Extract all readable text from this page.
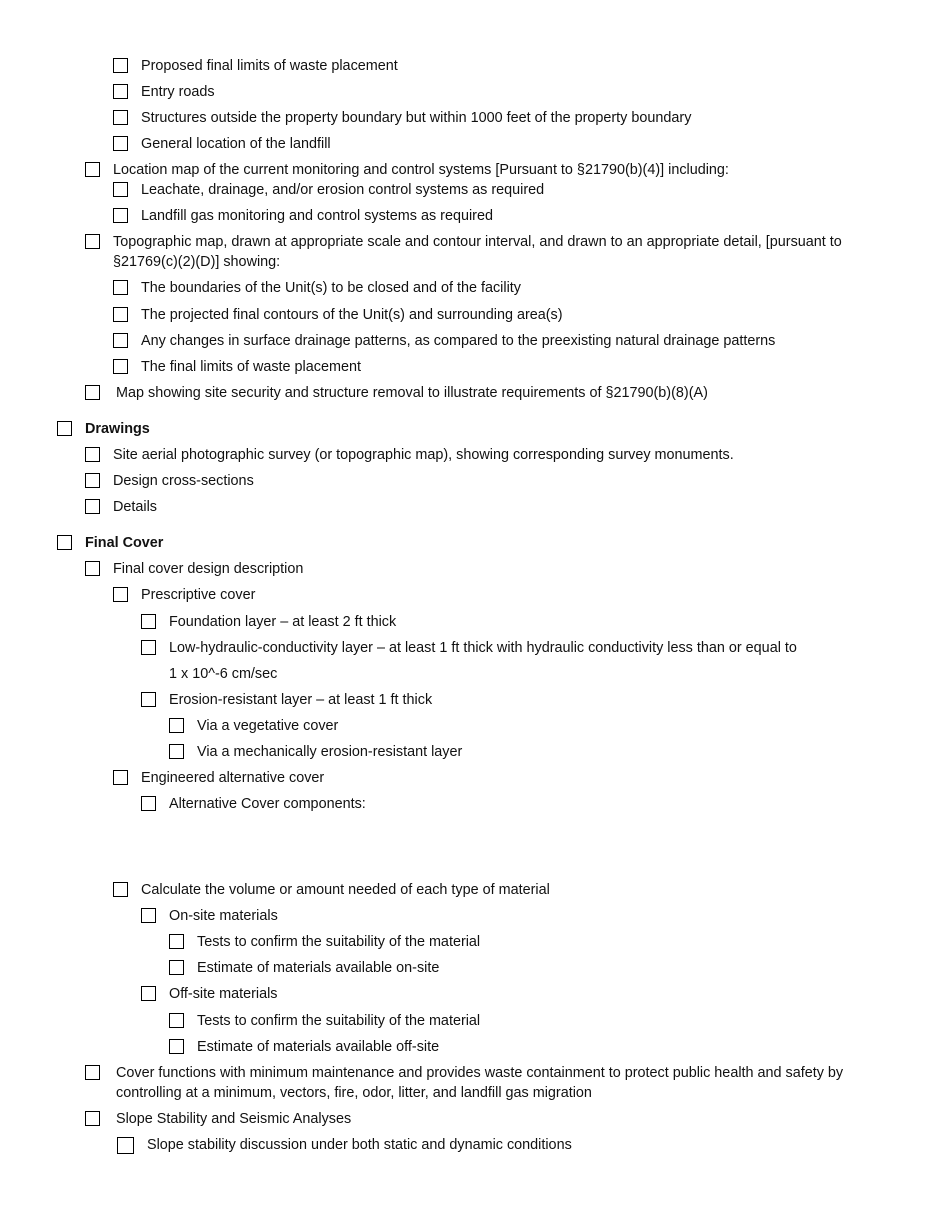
Proposed final limits of waste placement
Entry roads
Structures outside the property boundary but within 1000 feet of the property boundary
General location of the landfill
Location map of the current monitoring and control systems [Pursuant to §21790(b)(4)] including:
Leachate, drainage, and/or erosion control systems as required
Landfill gas monitoring and control systems as required
Topographic map, drawn at appropriate scale and contour interval, and drawn to an appropriate detail, [pursuant to §21769(c)(2)(D)] showing:
The boundaries of the Unit(s) to be closed and of the facility
The projected final contours of the Unit(s) and surrounding area(s)
Any changes in surface drainage patterns, as compared to the preexisting natural drainage patterns
The final limits of waste placement
Map showing site security and structure removal to illustrate requirements of §21790(b)(8)(A)
Drawings
Site aerial photographic survey (or topographic map), showing corresponding survey monuments.
Design cross-sections
Details
Final Cover
Final cover design description
Prescriptive cover
Foundation layer – at least 2 ft thick
Low-hydraulic-conductivity layer – at least 1 ft thick with hydraulic conductivity less than or equal to
1 x 10^-6 cm/sec
Erosion-resistant layer – at least 1 ft thick
Via a vegetative cover
Via a mechanically erosion-resistant layer
Engineered alternative cover
Alternative Cover components:
Calculate the volume or amount needed of each type of material
On-site materials
Tests to confirm the suitability of the material
Estimate of materials available on-site
Off-site materials
Tests to confirm the suitability of the material
Estimate of materials available off-site
Cover functions with minimum maintenance and provides waste containment to protect public health and safety by controlling at a minimum, vectors, fire, odor, litter, and landfill gas migration
Slope Stability and Seismic Analyses
Slope stability discussion under both static and dynamic conditions
